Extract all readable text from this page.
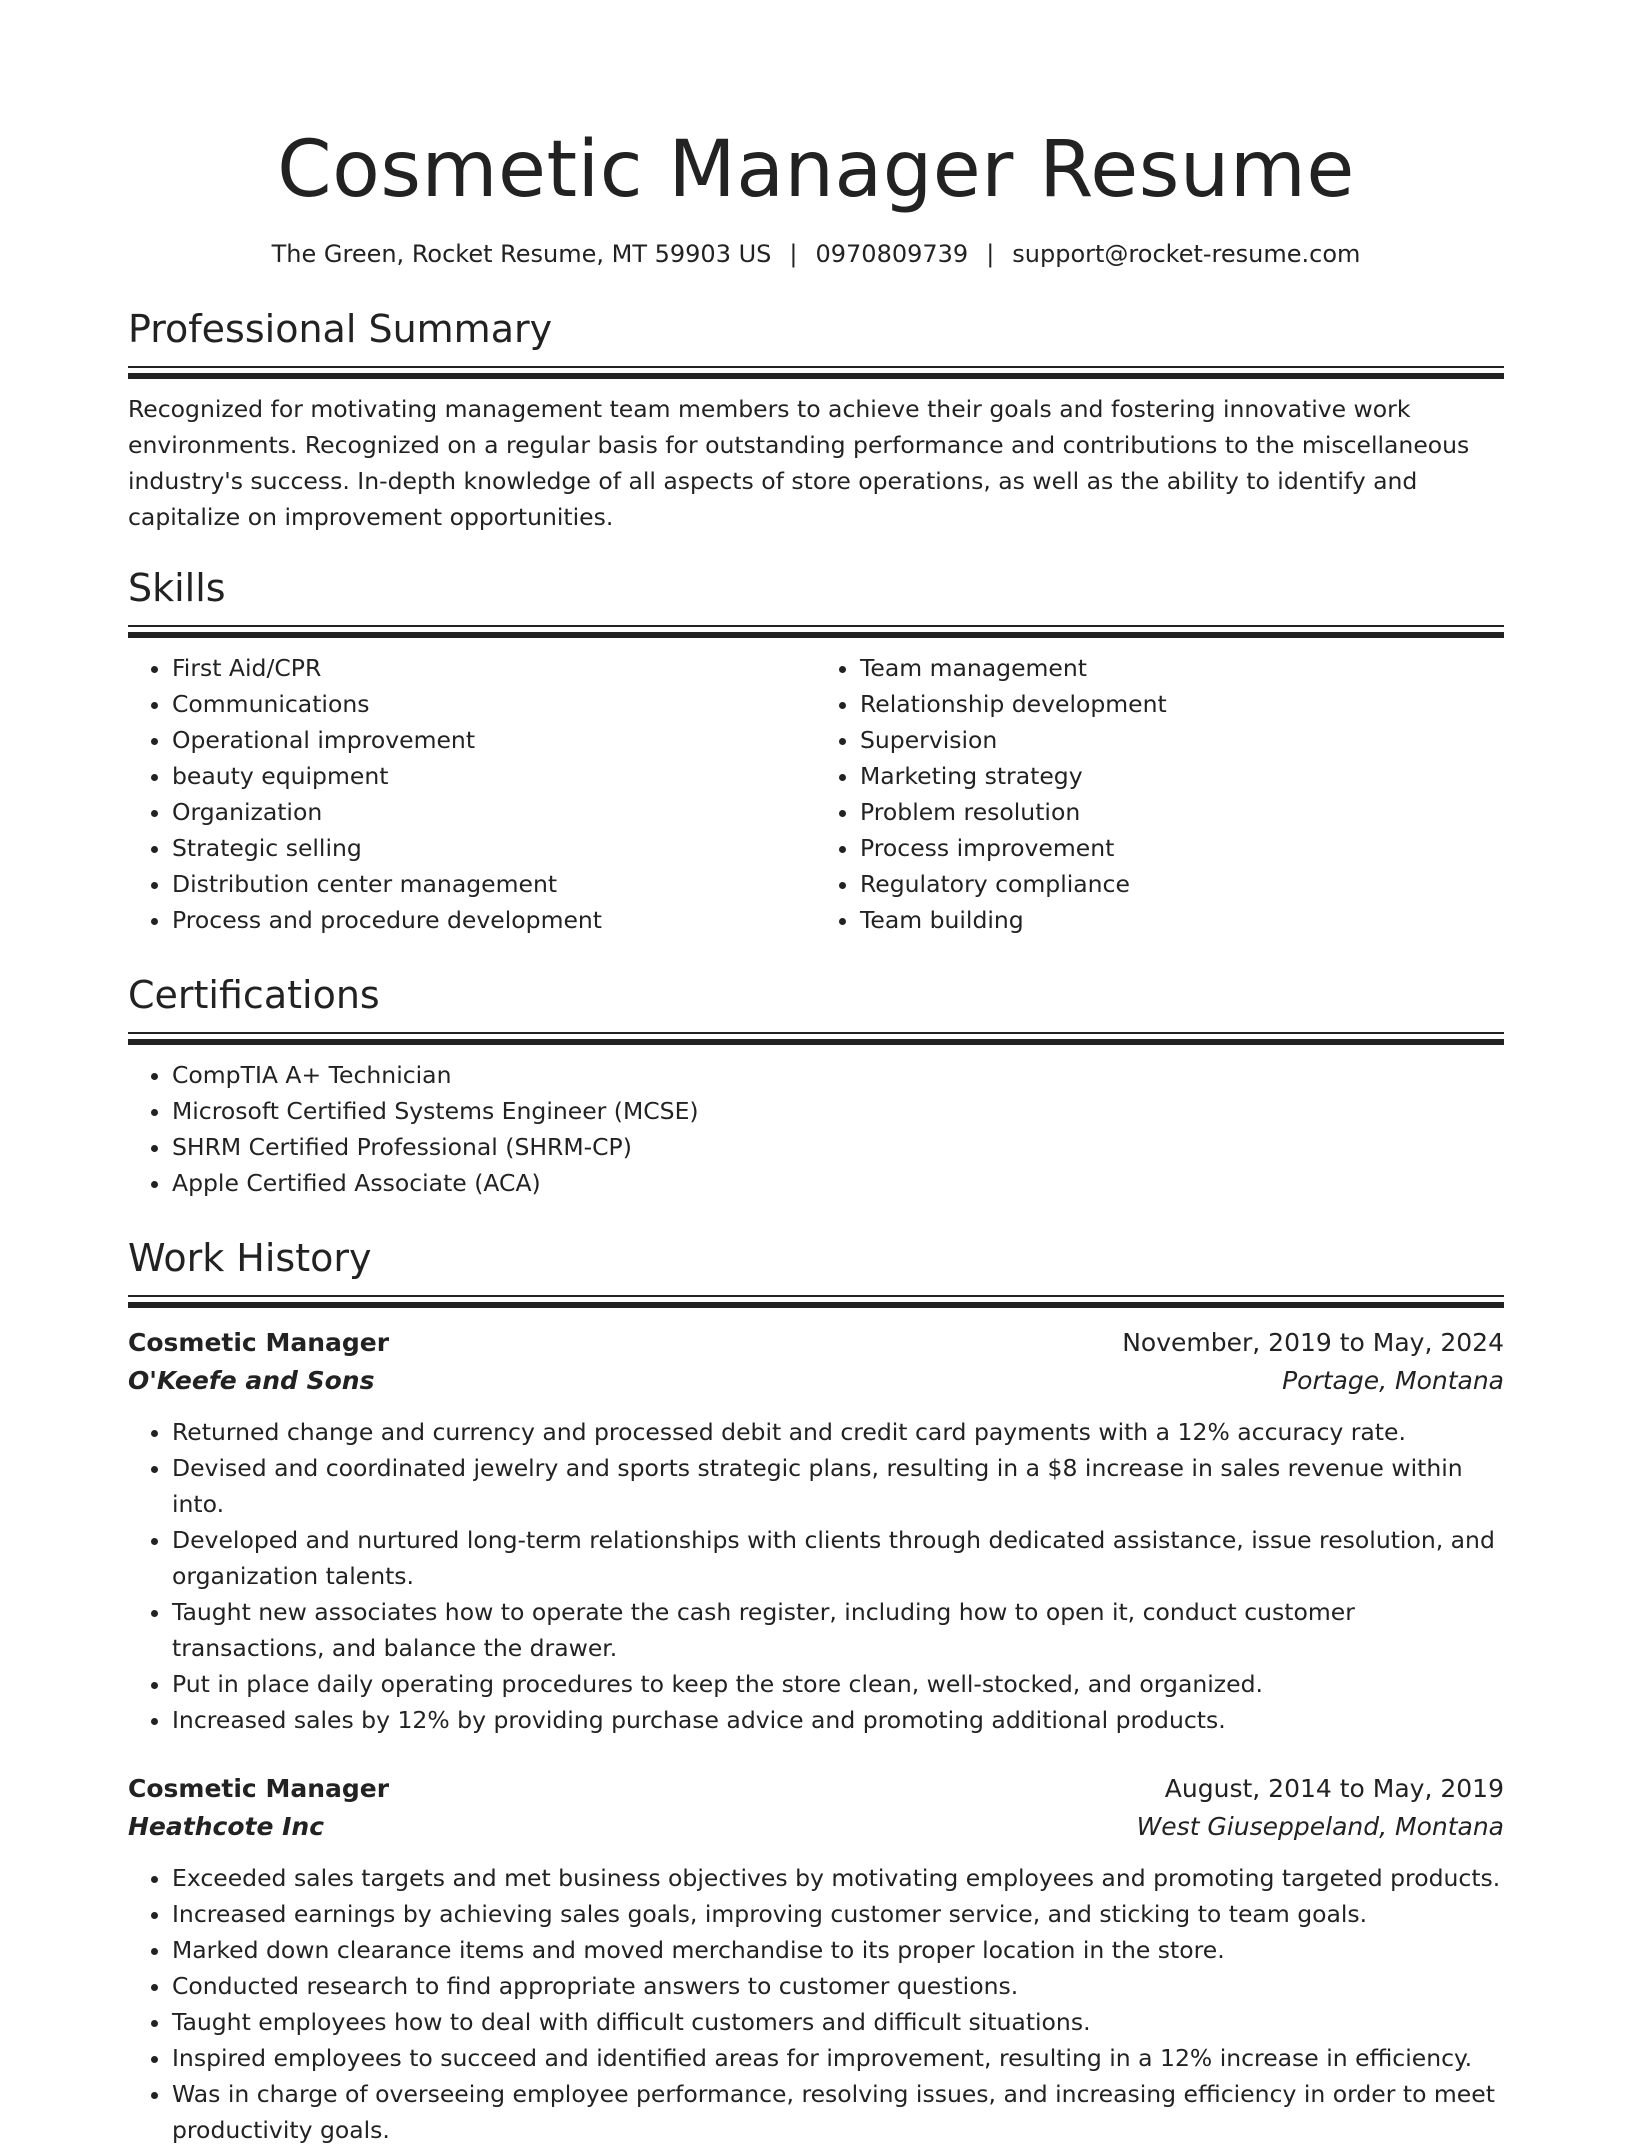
Cosmetic Manager Resume
The Green, Rocket Resume, MT 59903 US | 0970809739 | support@rocket-resume.com
Professional Summary

Recognized for motivating management team members to achieve their goals and fostering innovative work environments. Recognized on a regular basis for outstanding performance and contributions to the miscellaneous industry's success. In-depth knowledge of all aspects of store operations, as well as the ability to identify and capitalize on improvement opportunities.

Skills
• First Aid/CPR
• Communications
• Operational improvement
• beauty equipment
• Organization
• Strategic selling
• Distribution center management
• Process and procedure development
• Team management
• Relationship development
• Supervision
• Marketing strategy
• Problem resolution
• Process improvement
• Regulatory compliance
• Team building
Certifications
• CompTIA A+ Technician
• Microsoft Certified Systems Engineer (MCSE)
• SHRM Certified Professional (SHRM-CP)
• Apple Certified Associate (ACA)
Work History
Cosmetic Manager	November, 2019 to May, 2024
O'Keefe and Sons	Portage, Montana
• Returned change and currency and processed debit and credit card payments with a 12% accuracy rate.
• Devised and coordinated jewelry and sports strategic plans, resulting in a $8 increase in sales revenue within into.
• Developed and nurtured long-term relationships with clients through dedicated assistance, issue resolution, and organization talents.
• Taught new associates how to operate the cash register, including how to open it, conduct customer transactions, and balance the drawer.
• Put in place daily operating procedures to keep the store clean, well-stocked, and organized.
• Increased sales by 12% by providing purchase advice and promoting additional products.
Cosmetic Manager	August, 2014 to May, 2019
Heathcote Inc	West Giuseppeland, Montana
• Exceeded sales targets and met business objectives by motivating employees and promoting targeted products.
• Increased earnings by achieving sales goals, improving customer service, and sticking to team goals.
• Marked down clearance items and moved merchandise to its proper location in the store.
• Conducted research to find appropriate answers to customer questions.
• Taught employees how to deal with difficult customers and difficult situations.
• Inspired employees to succeed and identified areas for improvement, resulting in a 12% increase in efficiency.
• Was in charge of overseeing employee performance, resolving issues, and increasing efficiency in order to meet productivity goals.
